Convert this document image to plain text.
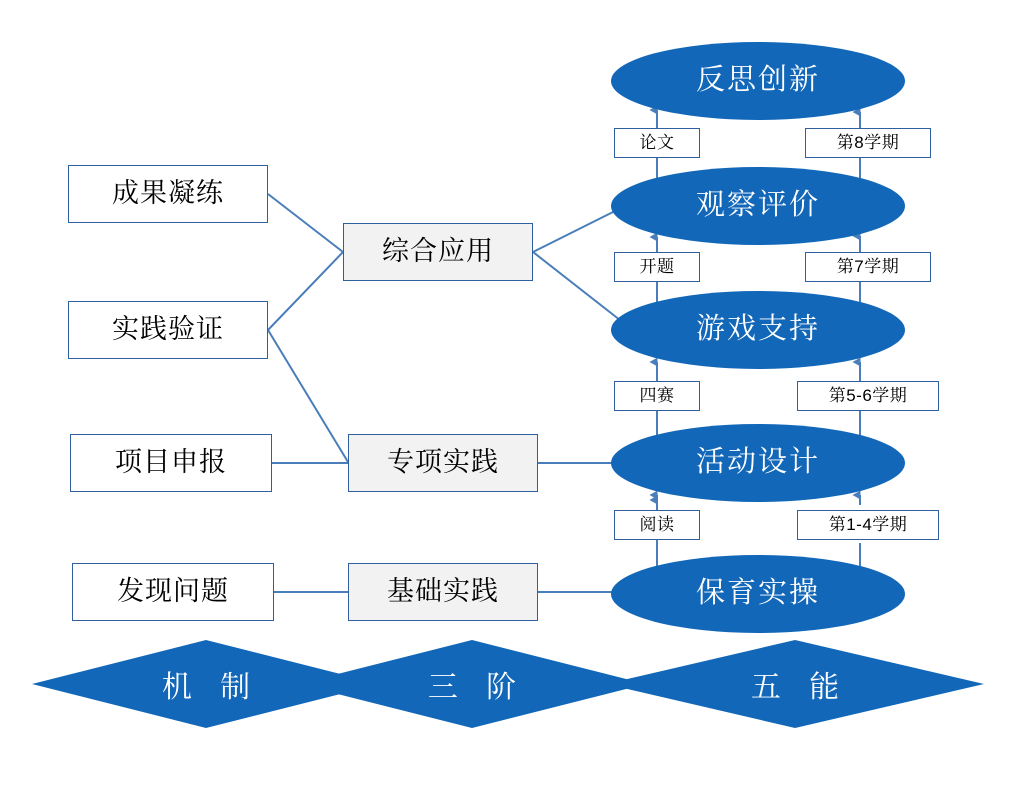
成果凝练
实践验证
项目申报
发现问题
综合应用
专项实践
基础实践
反思创新
观察评价
游戏支持
活动设计
保育实操
论文
开题
四赛
阅读
第8学期
第7学期
第5-6学期
第1-4学期
机 制	三 阶	五 能
